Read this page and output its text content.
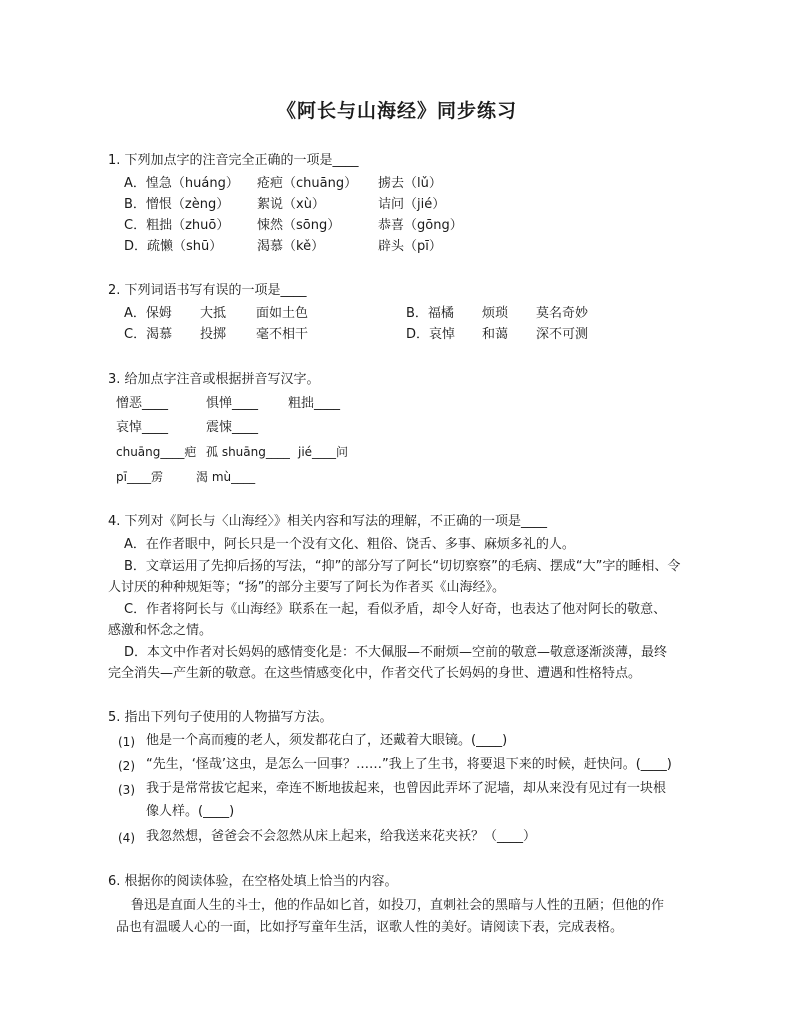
《阿长与山海经》同步练习
1. 下列加点字的注音完全正确的一项是____
A．惶急（huáng） 疮疤（chuāng） 掳去（lǔ）
B．憎恨（zèng） 絮说（xù）	诘问（jié）
C．粗拙（zhuō） 悚然（sōng）	恭喜（gōng）
D．疏懒（shū）	渴慕（kě）	辟头（pī）
2. 下列词语书写有误的一项是____
A．保姆 大抵 面如土色	B．福橘 烦琐 莫名奇妙
C．渴慕 投掷 毫不相干	D．哀悼 和蔼 深不可测
3. 给加点字注音或根据拼音写汉字。
憎恶____	惧惮____ 粗拙____
哀悼____	震悚____
chuāng____疤 孤 shuāng____ jié____问
pī____雳	渴 mù____
4. 下列对《阿长与〈山海经〉》相关内容和写法的理解，不正确的一项是____
A．在作者眼中，阿长只是一个没有文化、粗俗、饶舌、多事、麻烦多礼的人。
B．文章运用了先抑后扬的写法，“抑”的部分写了阿长“切切察察”的毛病、摆成“大”字的睡相、令
人讨厌的种种规矩等；“扬”的部分主要写了阿长为作者买《山海经》。
C．作者将阿长与《山海经》联系在一起，看似矛盾，却令人好奇，也表达了他对阿长的敬意、
感激和怀念之情。
D．本文中作者对长妈妈的感情变化是：不大佩服—不耐烦—空前的敬意—敬意逐渐淡薄，最终
完全消失—产生新的敬意。在这些情感变化中，作者交代了长妈妈的身世、遭遇和性格特点。
5. 指出下列句子使用的人物描写方法。
(1) 他是一个高而瘦的老人，须发都花白了，还戴着大眼镜。(____)
(2) “先生，‘怪哉’这虫，是怎么一回事？……”我上了生书，将要退下来的时候，赶快问。(____)
(3) 我于是常常拔它起来，牵连不断地拔起来，也曾因此弄坏了泥墙，却从来没有见过有一块根
像人样。(____)
(4) 我忽然想，爸爸会不会忽然从床上起来，给我送来花夹袄？（____）
6. 根据你的阅读体验，在空格处填上恰当的内容。
鲁迅是直面人生的斗士，他的作品如匕首，如投刀，直刺社会的黑暗与人性的丑陋；但他的作
品也有温暖人心的一面，比如抒写童年生活，讴歌人性的美好。请阅读下表，完成表格。
